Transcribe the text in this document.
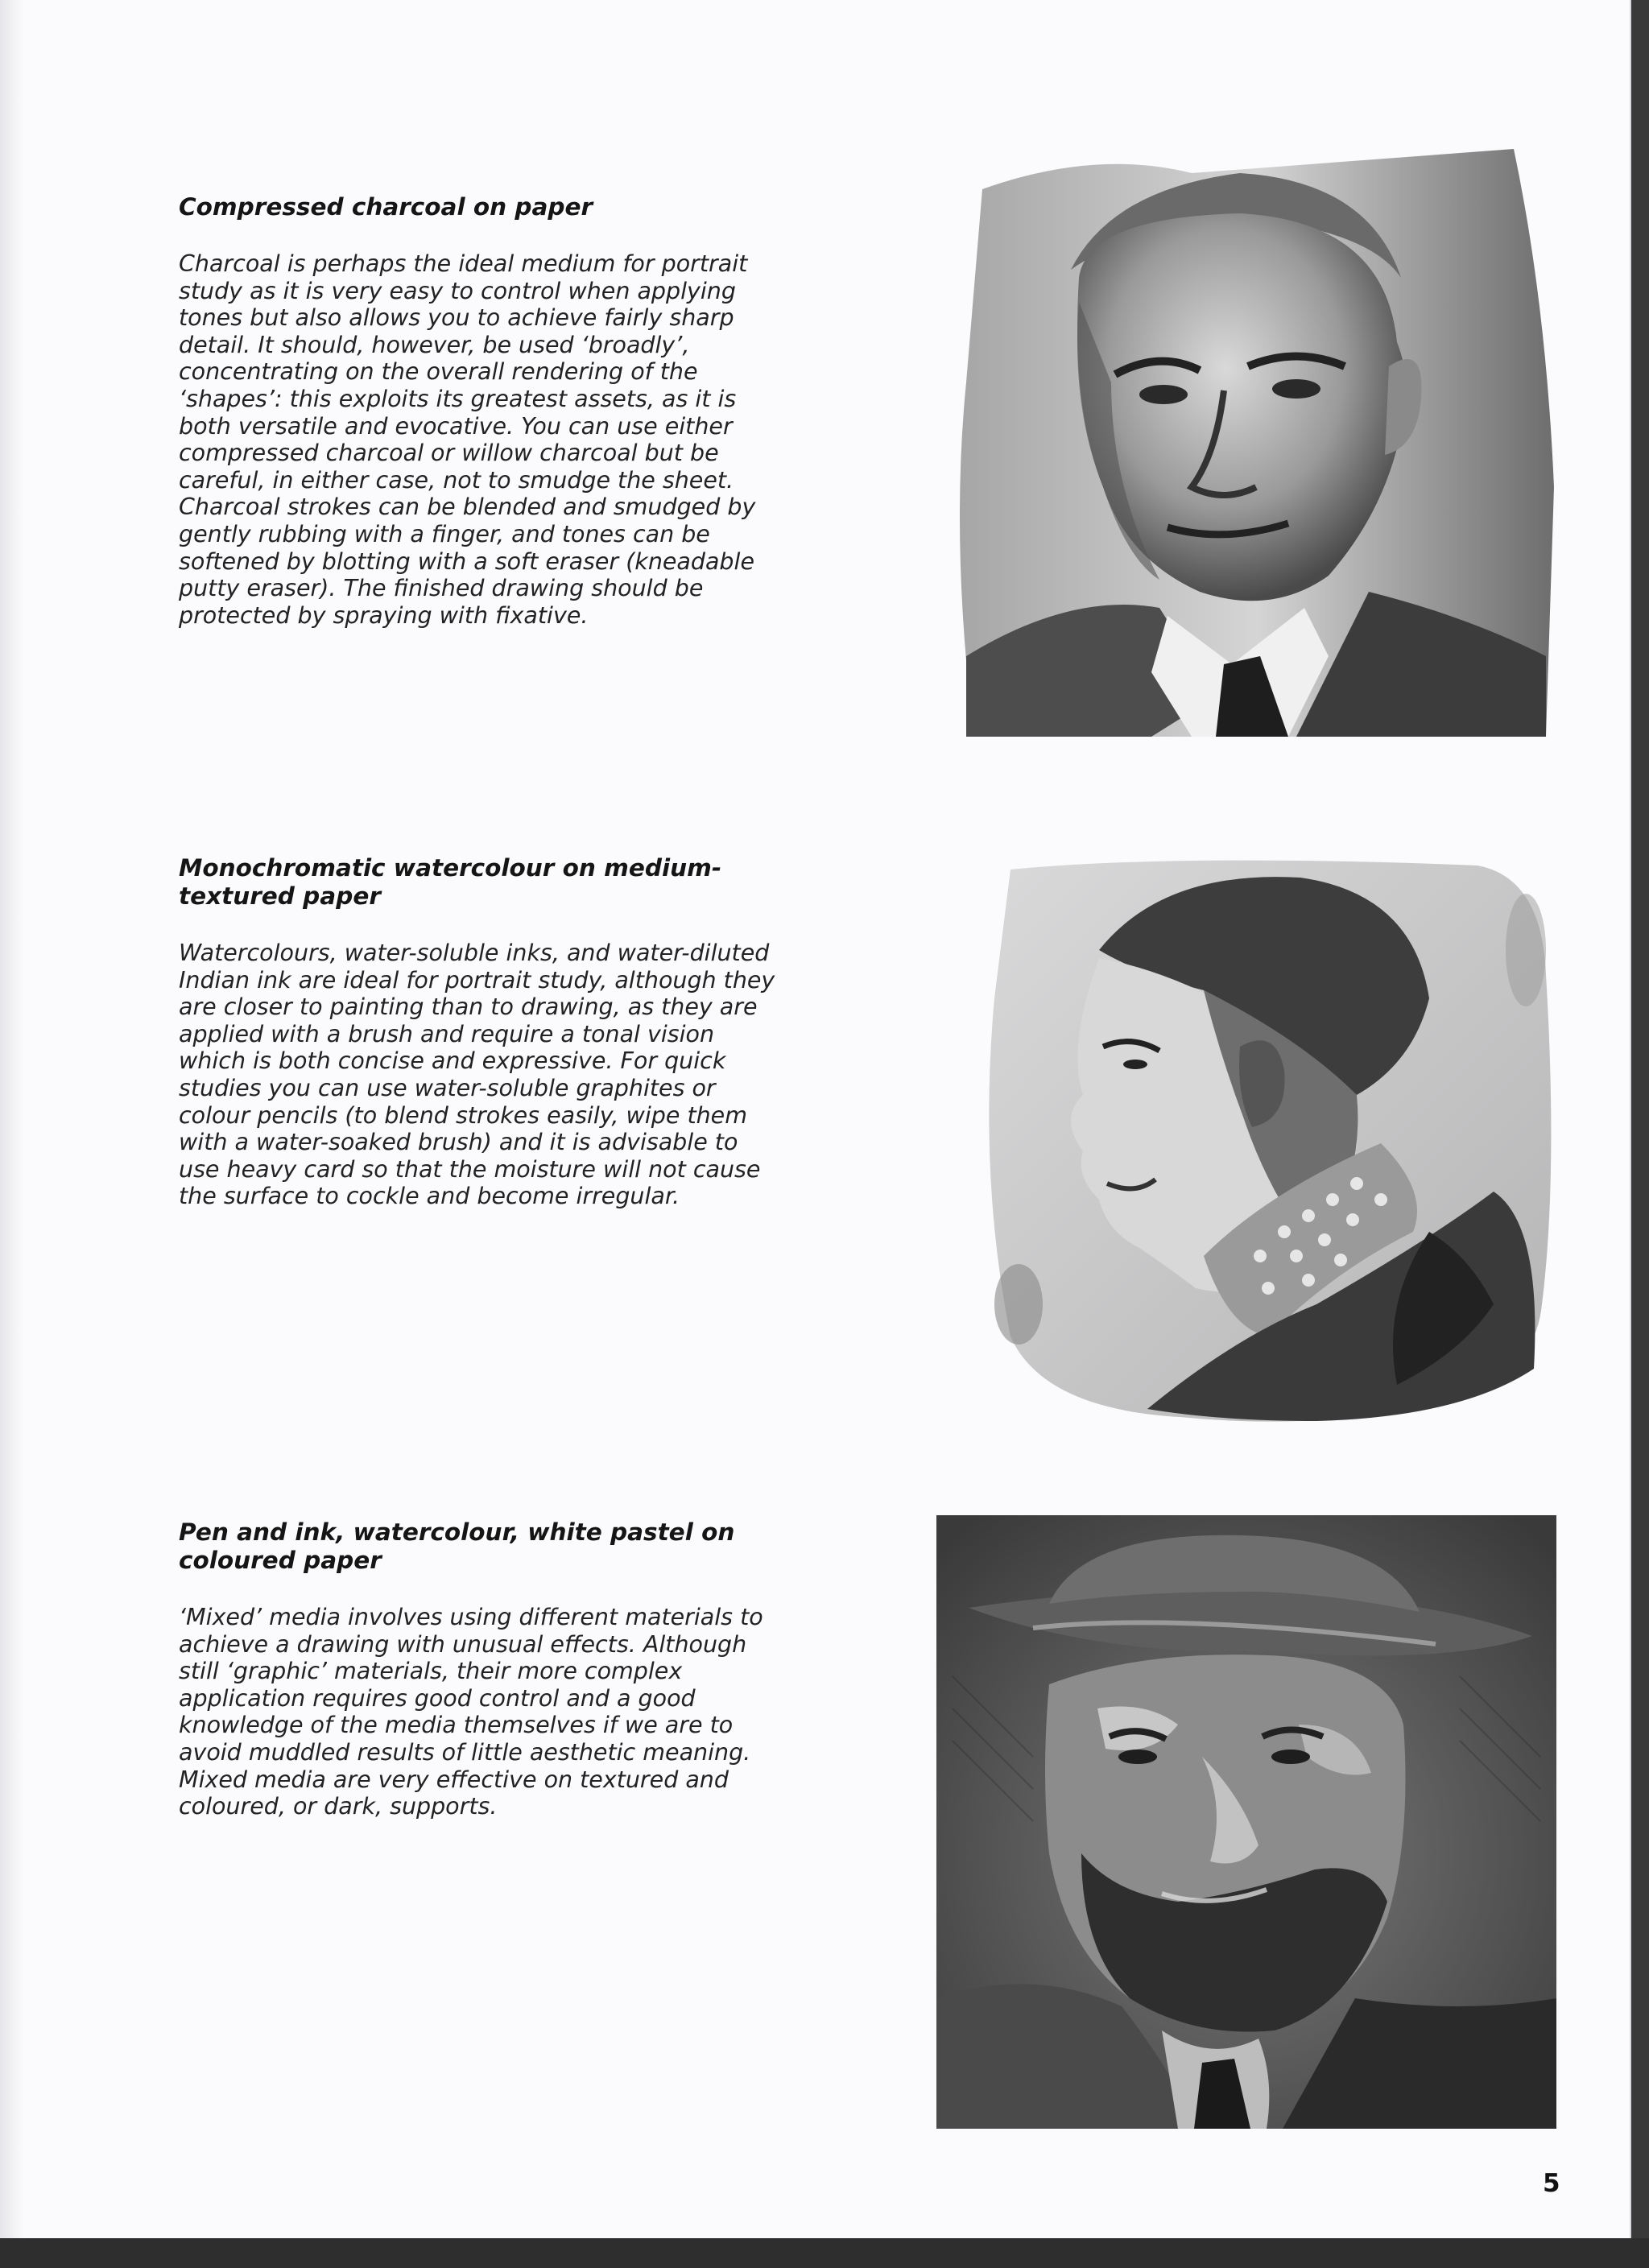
Compressed charcoal on paper

Charcoal is perhaps the ideal medium for portrait study as it is very easy to control when applying tones but also allows you to achieve fairly sharp detail. It should, however, be used ‘broadly’, concentrating on the overall rendering of the ‘shapes’: this exploits its greatest assets, as it is both versatile and evocative. You can use either compressed charcoal or willow charcoal but be careful, in either case, not to smudge the sheet. Charcoal strokes can be blended and smudged by gently rubbing with a finger, and tones can be softened by blotting with a soft eraser (kneadable putty eraser). The finished drawing should be protected by spraying with fixative.

Monochromatic watercolour on medium-textured paper

Watercolours, water-soluble inks, and water-diluted Indian ink are ideal for portrait study, although they are closer to painting than to drawing, as they are applied with a brush and require a tonal vision which is both concise and expressive. For quick studies you can use water-soluble graphites or colour pencils (to blend strokes easily, wipe them with a water-soaked brush) and it is advisable to use heavy card so that the moisture will not cause the surface to cockle and become irregular.

Pen and ink, watercolour, white pastel on coloured paper

‘Mixed’ media involves using different materials to achieve a drawing with unusual effects. Although still ‘graphic’ materials, their more complex application requires good control and a good knowledge of the media themselves if we are to avoid muddled results of little aesthetic meaning. Mixed media are very effective on textured and coloured, or dark, supports.

5
